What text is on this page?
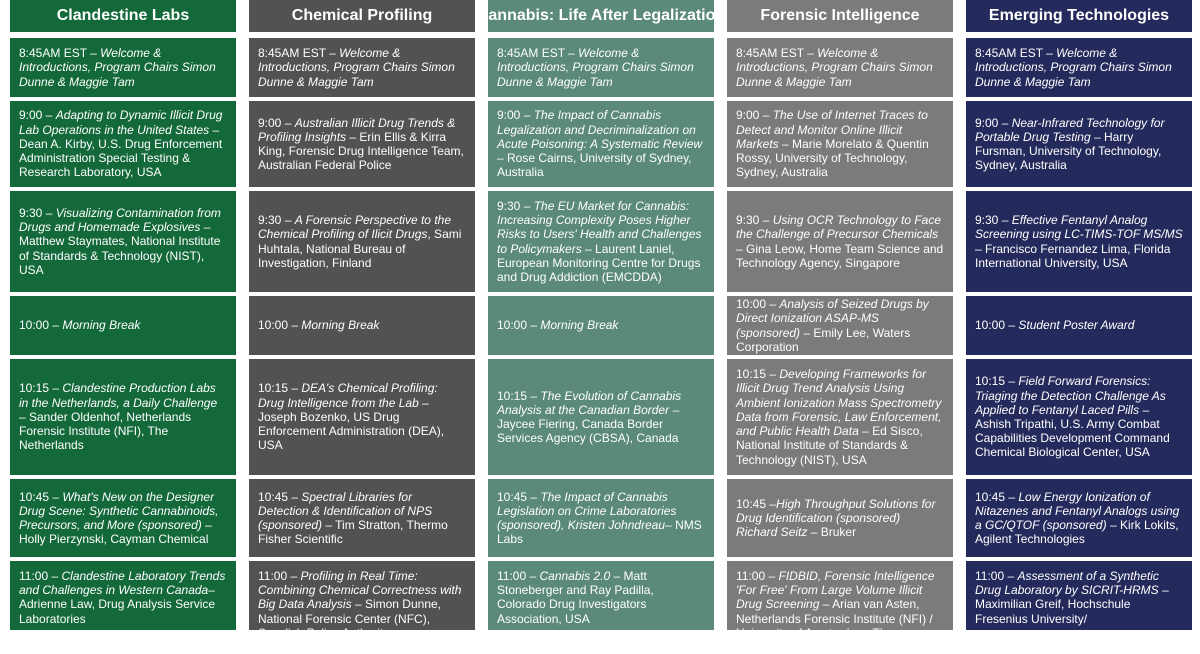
Clandestine Labs
8:45AM EST – Welcome & Introductions, Program Chairs Simon Dunne & Maggie Tam
9:00 – Adapting to Dynamic Illicit Drug Lab Operations in the United States – Dean A. Kirby, U.S. Drug Enforcement Administration Special Testing & Research Laboratory, USA
9:30 – Visualizing Contamination from Drugs and Homemade Explosives – Matthew Staymates, National Institute of Standards & Technology (NIST), USA
10:00 – Morning Break
10:15 – Clandestine Production Labs in the Netherlands, a Daily Challenge – Sander Oldenhof, Netherlands Forensic Institute (NFI), The Netherlands
10:45 – What's New on the Designer Drug Scene: Synthetic Cannabinoids, Precursors, and More (sponsored) – Holly Pierzynski, Cayman Chemical
11:00 – Clandestine Laboratory Trends and Challenges in Western Canada– Adrienne Law, Drug Analysis Service Laboratories
Chemical Profiling
8:45AM EST – Welcome & Introductions, Program Chairs Simon Dunne & Maggie Tam
9:00 – Australian Illicit Drug Trends & Profiling Insights – Erin Ellis & Kirra King, Forensic Drug Intelligence Team, Australian Federal Police
9:30 – A Forensic Perspective to the Chemical Profiling of Ilicit Drugs, Sami Huhtala, National Bureau of Investigation, Finland
10:00 – Morning Break
10:15 – DEA's Chemical Profiling: Drug Intelligence from the Lab – Joseph Bozenko, US Drug Enforcement Administration (DEA), USA
10:45 – Spectral Libraries for Detection & Identification of NPS (sponsored) – Tim Stratton, Thermo Fisher Scientific
11:00 – Profiling in Real Time: Combining Chemical Correctness with Big Data Analysis – Simon Dunne, National Forensic Center (NFC), Swedish Police Authority
Cannabis: Life After Legalization
8:45AM EST – Welcome & Introductions, Program Chairs Simon Dunne & Maggie Tam
9:00 – The Impact of Cannabis Legalization and Decriminalization on Acute Poisoning: A Systematic Review – Rose Cairns, University of Sydney, Australia
9:30 – The EU Market for Cannabis: Increasing Complexity Poses Higher Risks to Users' Health and Challenges to Policymakers – Laurent Laniel, European Monitoring Centre for Drugs and Drug Addiction (EMCDDA)
10:00 – Morning Break
10:15 – The Evolution of Cannabis Analysis at the Canadian Border – Jaycee Fiering, Canada Border Services Agency (CBSA), Canada
10:45 – The Impact of Cannabis Legislation on Crime Laboratories (sponsored), Kristen Johndreau– NMS Labs
11:00 – Cannabis 2.0 – Matt Stoneberger and Ray Padilla, Colorado Drug Investigators Association, USA
Forensic Intelligence
8:45AM EST – Welcome & Introductions, Program Chairs Simon Dunne & Maggie Tam
9:00 – The Use of Internet Traces to Detect and Monitor Online Illicit Markets – Marie Morelato & Quentin Rossy, University of Technology, Sydney, Australia
9:30 – Using OCR Technology to Face the Challenge of Precursor Chemicals – Gina Leow, Home Team Science and Technology Agency, Singapore
10:00 – Analysis of Seized Drugs by Direct Ionization ASAP-MS (sponsored) – Emily Lee, Waters Corporation
10:15 – Developing Frameworks for Illicit Drug Trend Analysis Using Ambient Ionization Mass Spectrometry Data from Forensic, Law Enforcement, and Public Health Data – Ed Sisco, National Institute of Standards & Technology (NIST), USA
10:45 –High Throughput Solutions for Drug Identification (sponsored) Richard Seitz – Bruker
11:00 – FIDBID, Forensic Intelligence 'For Free' From Large Volume Illicit Drug Screening – Arian van Asten, Netherlands Forensic Institute (NFI) / University of Amsterdam, The Netherlands
Emerging Technologies
8:45AM EST – Welcome & Introductions, Program Chairs Simon Dunne & Maggie Tam
9:00 – Near-Infrared Technology for Portable Drug Testing – Harry Fursman, University of Technology, Sydney, Australia
9:30 – Effective Fentanyl Analog Screening using LC-TIMS-TOF MS/MS – Francisco Fernandez Lima, Florida International University, USA
10:00 – Student Poster Award
10:15 – Field Forward Forensics: Triaging the Detection Challenge As Applied to Fentanyl Laced Pills – Ashish Tripathi, U.S. Army Combat Capabilities Development Command Chemical Biological Center, USA
10:45 – Low Energy Ionization of Nitazenes and Fentanyl Analogs using a GC/QTOF (sponsored) – Kirk Lokits, Agilent Technologies
11:00 – Assessment of a Synthetic Drug Laboratory by SICRIT-HRMS – Maximilian Greif, Hochschule Fresenius University/
